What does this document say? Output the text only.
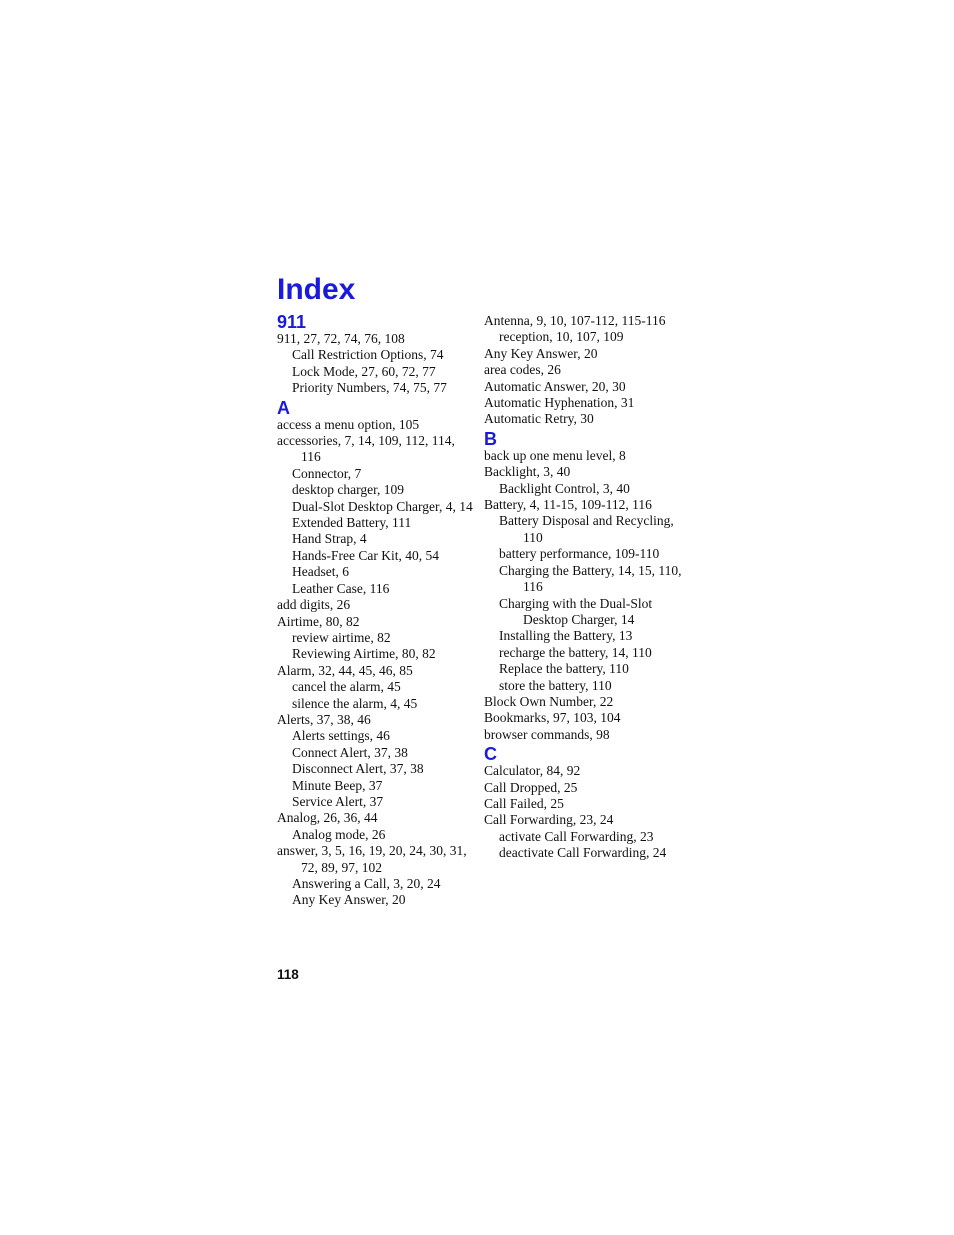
Index
911
911, 27, 72, 74, 76, 108
Call Restriction Options, 74
Lock Mode, 27, 60, 72, 77
Priority Numbers, 74, 75, 77
A
access a menu option, 105
accessories, 7, 14, 109, 112, 114, 116
Connector, 7
desktop charger, 109
Dual-Slot Desktop Charger, 4, 14
Extended Battery, 111
Hand Strap, 4
Hands-Free Car Kit, 40, 54
Headset, 6
Leather Case, 116
add digits, 26
Airtime, 80, 82
review airtime, 82
Reviewing Airtime, 80, 82
Alarm, 32, 44, 45, 46, 85
cancel the alarm, 45
silence the alarm, 4, 45
Alerts, 37, 38, 46
Alerts settings, 46
Connect Alert, 37, 38
Disconnect Alert, 37, 38
Minute Beep, 37
Service Alert, 37
Analog, 26, 36, 44
Analog mode, 26
answer, 3, 5, 16, 19, 20, 24, 30, 31, 72, 89, 97, 102
Answering a Call, 3, 20, 24
Any Key Answer, 20
Antenna, 9, 10, 107-112, 115-116
reception, 10, 107, 109
Any Key Answer, 20
area codes, 26
Automatic Answer, 20, 30
Automatic Hyphenation, 31
Automatic Retry, 30
B
back up one menu level, 8
Backlight, 3, 40
Backlight Control, 3, 40
Battery, 4, 11-15, 109-112, 116
Battery Disposal and Recycling, 110
battery performance, 109-110
Charging the Battery, 14, 15, 110, 116
Charging with the Dual-Slot Desktop Charger, 14
Installing the Battery, 13
recharge the battery, 14, 110
Replace the battery, 110
store the battery, 110
Block Own Number, 22
Bookmarks, 97, 103, 104
browser commands, 98
C
Calculator, 84, 92
Call Dropped, 25
Call Failed, 25
Call Forwarding, 23, 24
activate Call Forwarding, 23
deactivate Call Forwarding, 24
118
